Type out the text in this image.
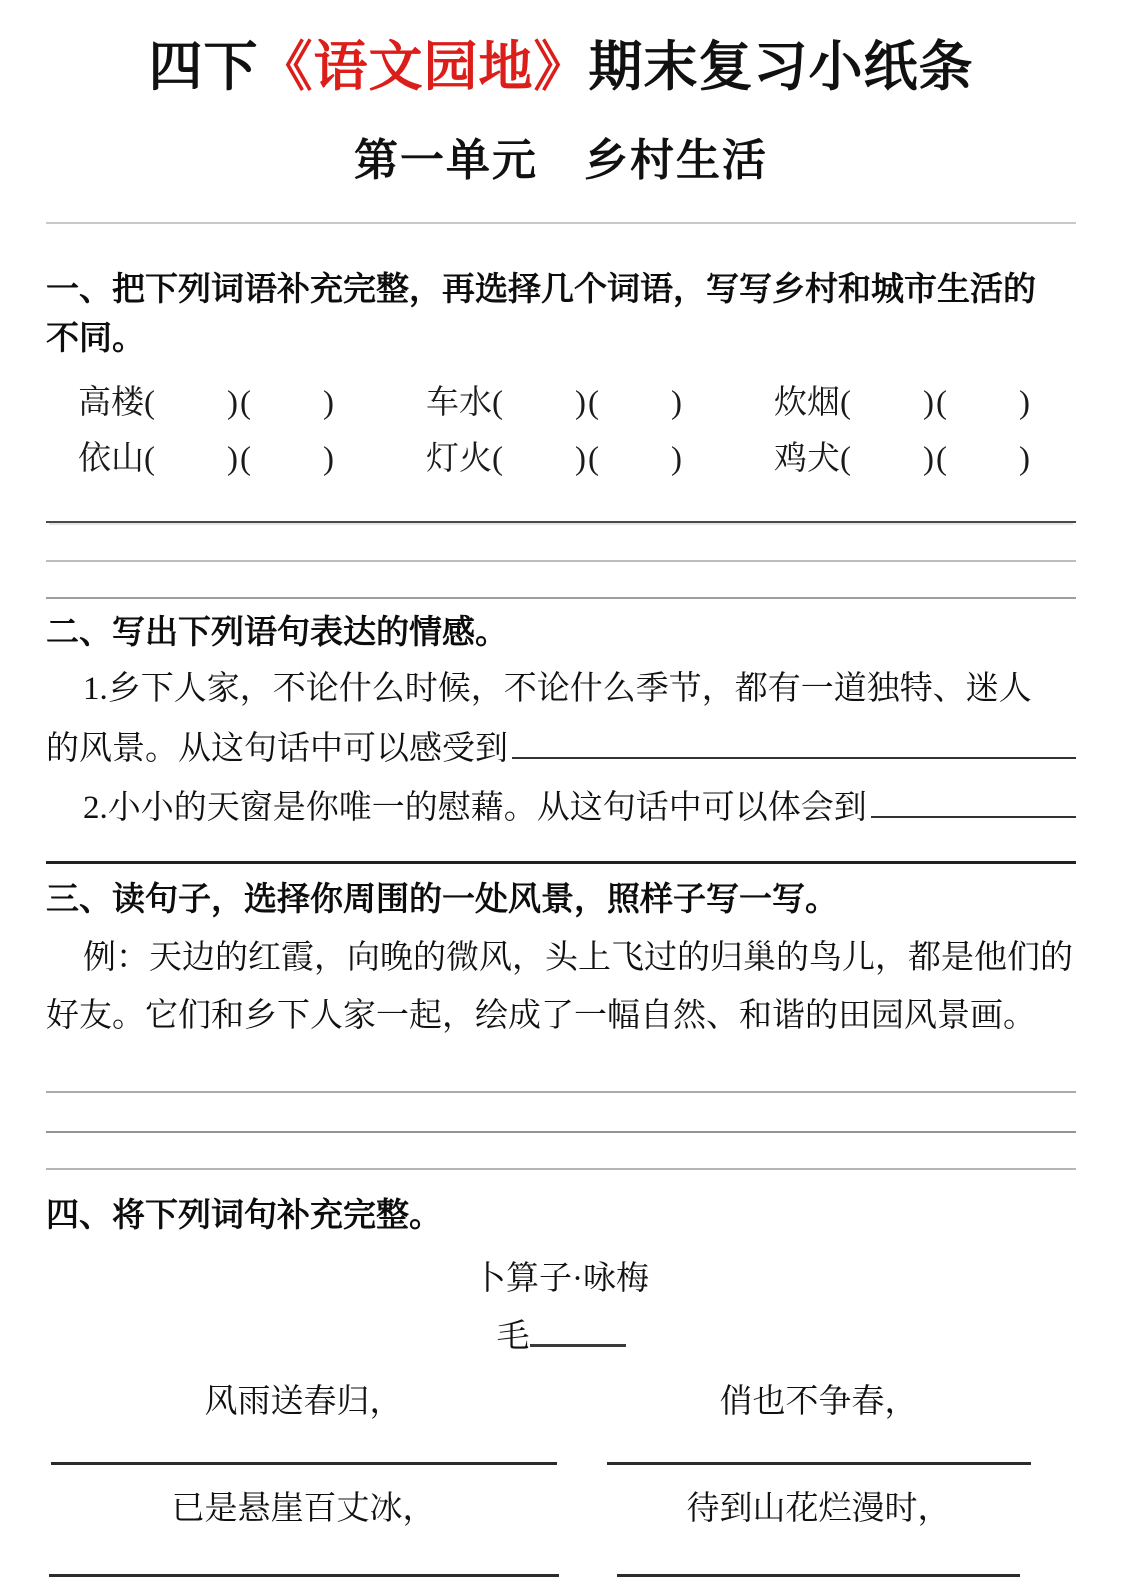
四下《语文园地》期末复习小纸条
第一单元　乡村生活
一、把下列词语补充完整，再选择几个词语，写写乡村和城市生活的不同。
高楼(　　)(　　)	车水(　　)(　　)	炊烟(　　)(　　)
依山(　　)(　　)	灯火(　　)(　　)	鸡犬(　　)(　　)
二、写出下列语句表达的情感。
1.乡下人家，不论什么时候，不论什么季节，都有一道独特、迷人
的风景。从这句话中可以感受到
2.小小的天窗是你唯一的慰藉。从这句话中可以体会到
三、读句子，选择你周围的一处风景，照样子写一写。
例：天边的红霞，向晚的微风，头上飞过的归巢的鸟儿，都是他们的好友。它们和乡下人家一起，绘成了一幅自然、和谐的田园风景画。
四、将下列词句补充完整。
卜算子·咏梅
毛
风雨送春归，	俏也不争春，
已是悬崖百丈冰，	待到山花烂漫时，
